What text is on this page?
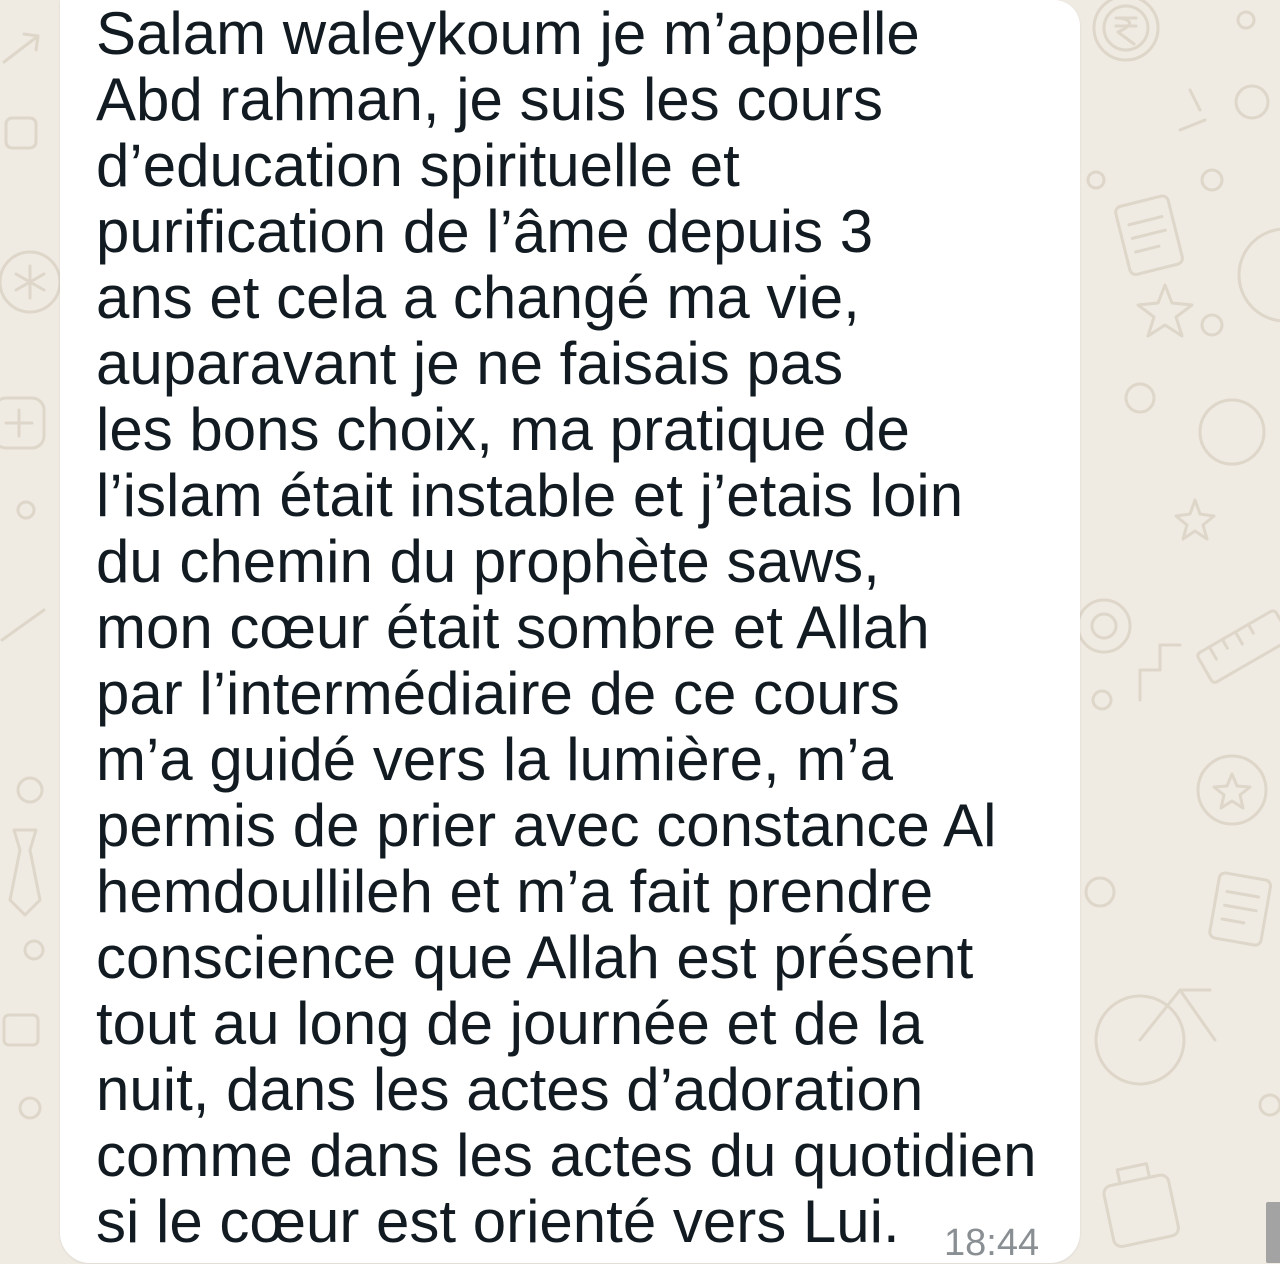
Salam waleykoum je m’appelle
Abd rahman, je suis les cours
d’education spirituelle et
purification de l’âme depuis 3
ans et cela a changé ma vie,
auparavant je ne faisais pas
les bons choix, ma pratique de
l’islam était instable et j’etais loin
du chemin du prophète saws,
mon cœur était sombre et Allah
par l’intermédiaire de ce cours
m’a guidé vers la lumière, m’a
permis de prier avec constance Al
hemdoullileh et m’a fait prendre
conscience que Allah est présent
tout au long de journée et de la
nuit, dans les actes d’adoration
comme dans les actes du quotidien
si le cœur est orienté vers Lui.	18:44
